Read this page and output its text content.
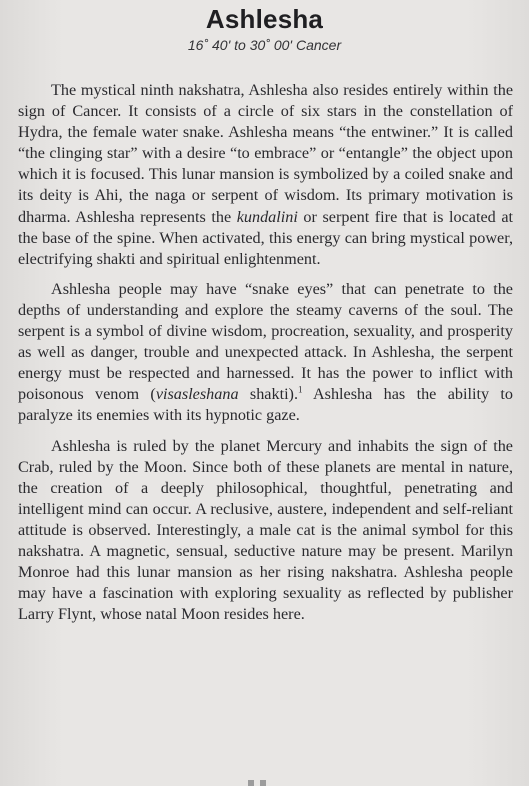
Ashlesha
16˚ 40' to 30˚ 00' Cancer

The mystical ninth nakshatra, Ashlesha also resides entirely within the sign of Cancer. It consists of a circle of six stars in the constellation of Hydra, the female water snake. Ashlesha means “the entwiner.” It is called “the clinging star” with a desire “to embrace” or “entangle” the object upon which it is focused. This lunar mansion is symbolized by a coiled snake and its deity is Ahi, the naga or serpent of wisdom. Its primary motivation is dharma. Ashlesha represents the kundalini or serpent fire that is located at the base of the spine. When activated, this energy can bring mystical power, electrifying shakti and spiritual enlightenment.

Ashlesha people may have “snake eyes” that can penetrate to the depths of understanding and explore the steamy caverns of the soul. The serpent is a symbol of divine wisdom, procreation, sexuality, and prosperity as well as danger, trouble and unexpected attack. In Ashlesha, the serpent energy must be respected and harnessed. It has the power to inflict with poisonous venom (visasleshana shakti).$^1$ Ashlesha has the ability to paralyze its enemies with its hypnotic gaze.

Ashlesha is ruled by the planet Mercury and inhabits the sign of the Crab, ruled by the Moon. Since both of these planets are mental in nature, the creation of a deeply philosophical, thoughtful, penetrating and intelligent mind can occur. A reclusive, austere, independent and self-reliant attitude is observed. Interestingly, a male cat is the animal symbol for this nakshatra. A magnetic, sensual, seductive nature may be present. Marilyn Monroe had this lunar mansion as her rising nakshatra. Ashlesha people may have a fascination with exploring sexuality as reflected by publisher Larry Flynt, whose natal Moon resides here.
